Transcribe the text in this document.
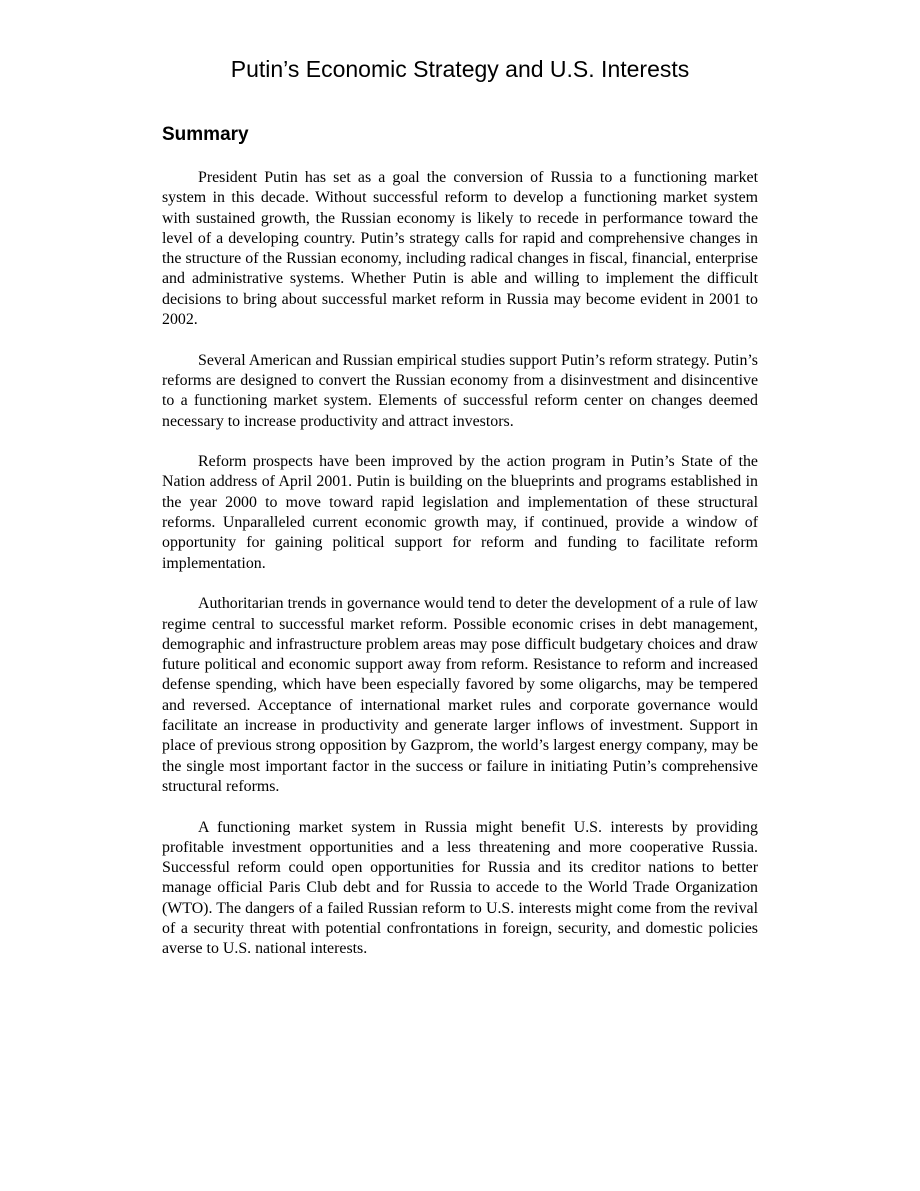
Putin’s Economic Strategy and U.S. Interests
Summary

President Putin has set as a goal the conversion of Russia to a functioning market system in this decade. Without successful reform to develop a functioning market system with sustained growth, the Russian economy is likely to recede in performance toward the level of a developing country. Putin’s strategy calls for rapid and comprehensive changes in the structure of the Russian economy, including radical changes in fiscal, financial, enterprise and administrative systems. Whether Putin is able and willing to implement the difficult decisions to bring about successful market reform in Russia may become evident in 2001 to 2002.

Several American and Russian empirical studies support Putin’s reform strategy. Putin’s reforms are designed to convert the Russian economy from a disinvestment and disincentive to a functioning market system. Elements of successful reform center on changes deemed necessary to increase productivity and attract investors.

Reform prospects have been improved by the action program in Putin’s State of the Nation address of April 2001. Putin is building on the blueprints and programs established in the year 2000 to move toward rapid legislation and implementation of these structural reforms. Unparalleled current economic growth may, if continued, provide a window of opportunity for gaining political support for reform and funding to facilitate reform implementation.

Authoritarian trends in governance would tend to deter the development of a rule of law regime central to successful market reform. Possible economic crises in debt management, demographic and infrastructure problem areas may pose difficult budgetary choices and draw future political and economic support away from reform. Resistance to reform and increased defense spending, which have been especially favored by some oligarchs, may be tempered and reversed. Acceptance of international market rules and corporate governance would facilitate an increase in productivity and generate larger inflows of investment. Support in place of previous strong opposition by Gazprom, the world’s largest energy company, may be the single most important factor in the success or failure in initiating Putin’s comprehensive structural reforms.

A functioning market system in Russia might benefit U.S. interests by providing profitable investment opportunities and a less threatening and more cooperative Russia. Successful reform could open opportunities for Russia and its creditor nations to better manage official Paris Club debt and for Russia to accede to the World Trade Organization (WTO). The dangers of a failed Russian reform to U.S. interests might come from the revival of a security threat with potential confrontations in foreign, security, and domestic policies averse to U.S. national interests.
